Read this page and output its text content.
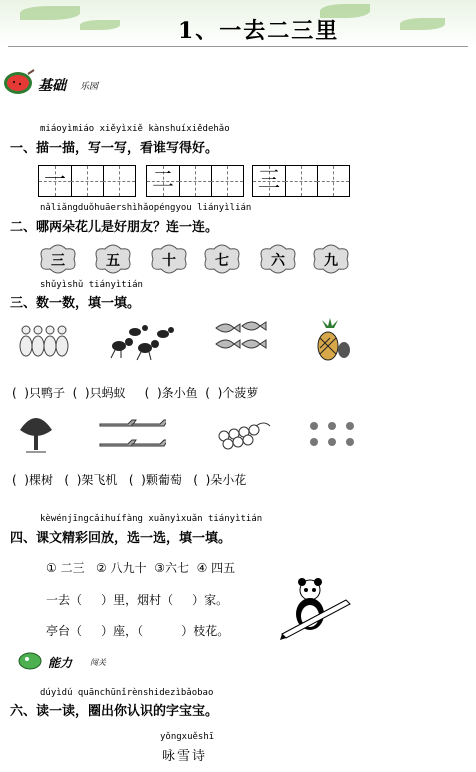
1、一去二三里
基础 乐园
miáoyìmiáo xiěyìxiě kànshuíxiědehǎo
一、描一描，写一写，看谁写得好。
一	二	三
nǎliǎngduǒhuāershìhǎopéngyou liányìlián
二、哪两朵花儿是好朋友？连一连。
三	五	十	七	六	九
shǔyìshǔ tiányìtián
三、数一数，填一填。
(  )只鸭子  (  )只蚂蚁     (  )条小鱼  (  )个菠萝
(  )棵树   (  )架飞机   (  )颗葡萄   (  )朵小花
kèwénjīngcǎihuífàng xuǎnyìxuǎn tiányìtián
四、课文精彩回放，选一选，填一填。
① 二三   ② 八九十  ③六七  ④ 四五
一去（     ）里，烟村（     ）家。
亭台（     ）座，（          ）枝花。
能力 闯关
dúyìdú quānchūnǐrènshidezìbǎobao
六、读一读，圈出你认识的字宝宝。
yǒngxuěshī
咏雪诗
